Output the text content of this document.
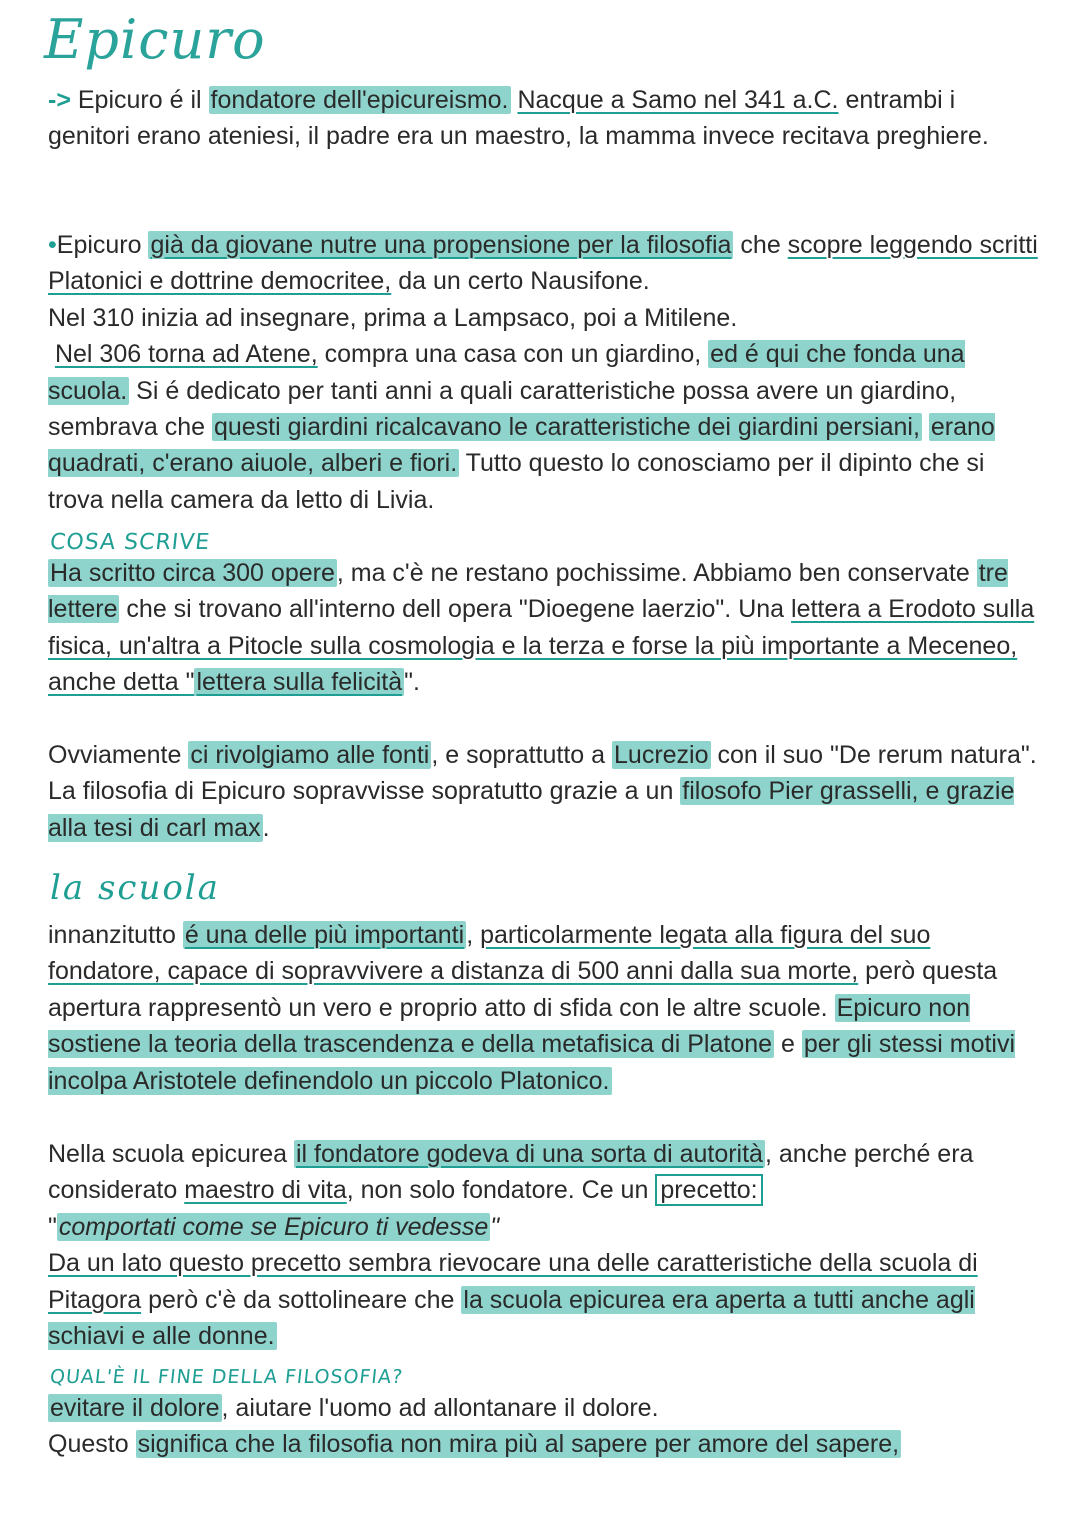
Epicuro

-> Epicuro é il fondatore dell'epicureismo. Nacque a Samo nel 341 a.C. entrambi i genitori erano ateniesi, il padre era un maestro, la mamma invece recitava preghiere.

•Epicuro già da giovane nutre una propensione per la filosofia che scopre leggendo scritti Platonici e dottrine democritee, da un certo Nausifone.
Nel 310 inizia ad insegnare, prima a Lampsaco, poi a Mitilene.
Nel 306 torna ad Atene, compra una casa con un giardino, ed é qui che fonda una scuola. Si é dedicato per tanti anni a quali caratteristiche possa avere un giardino, sembrava che questi giardini ricalcavano le caratteristiche dei giardini persiani, erano quadrati, c'erano aiuole, alberi e fiori. Tutto questo lo conosciamo per il dipinto che si trova nella camera da letto di Livia.

COSA SCRIVE

Ha scritto circa 300 opere, ma c'è ne restano pochissime. Abbiamo ben conservate tre lettere che si trovano all'interno dell opera "Dioegene laerzio". Una lettera a Erodoto sulla fisica, un'altra a Pitocle sulla cosmologia e la terza e forse la più importante a Meceneo, anche detta "lettera sulla felicità".

Ovviamente ci rivolgiamo alle fonti, e soprattutto a Lucrezio con il suo "De rerum natura". La filosofia di Epicuro sopravvisse sopratutto grazie a un filosofo Pier grasselli, e grazie alla tesi di carl max.

la scuola

innanzitutto é una delle più importanti, particolarmente legata alla figura del suo fondatore, capace di sopravvivere a distanza di 500 anni dalla sua morte, però questa apertura rappresentò un vero e proprio atto di sfida con le altre scuole. Epicuro non sostiene la teoria della trascendenza e della metafisica di Platone e per gli stessi motivi incolpa Aristotele definendolo un piccolo Platonico.

Nella scuola epicurea il fondatore godeva di una sorta di autorità, anche perché era considerato maestro di vita, non solo fondatore. Ce un precetto:
"comportati come se Epicuro ti vedesse"
Da un lato questo precetto sembra rievocare una delle caratteristiche della scuola di Pitagora però c'è da sottolineare che la scuola epicurea era aperta a tutti anche agli schiavi e alle donne.

QUAL'È IL FINE DELLA FILOSOFIA?

evitare il dolore, aiutare l'uomo ad allontanare il dolore.
Questo significa che la filosofia non mira più al sapere per amore del sapere,
